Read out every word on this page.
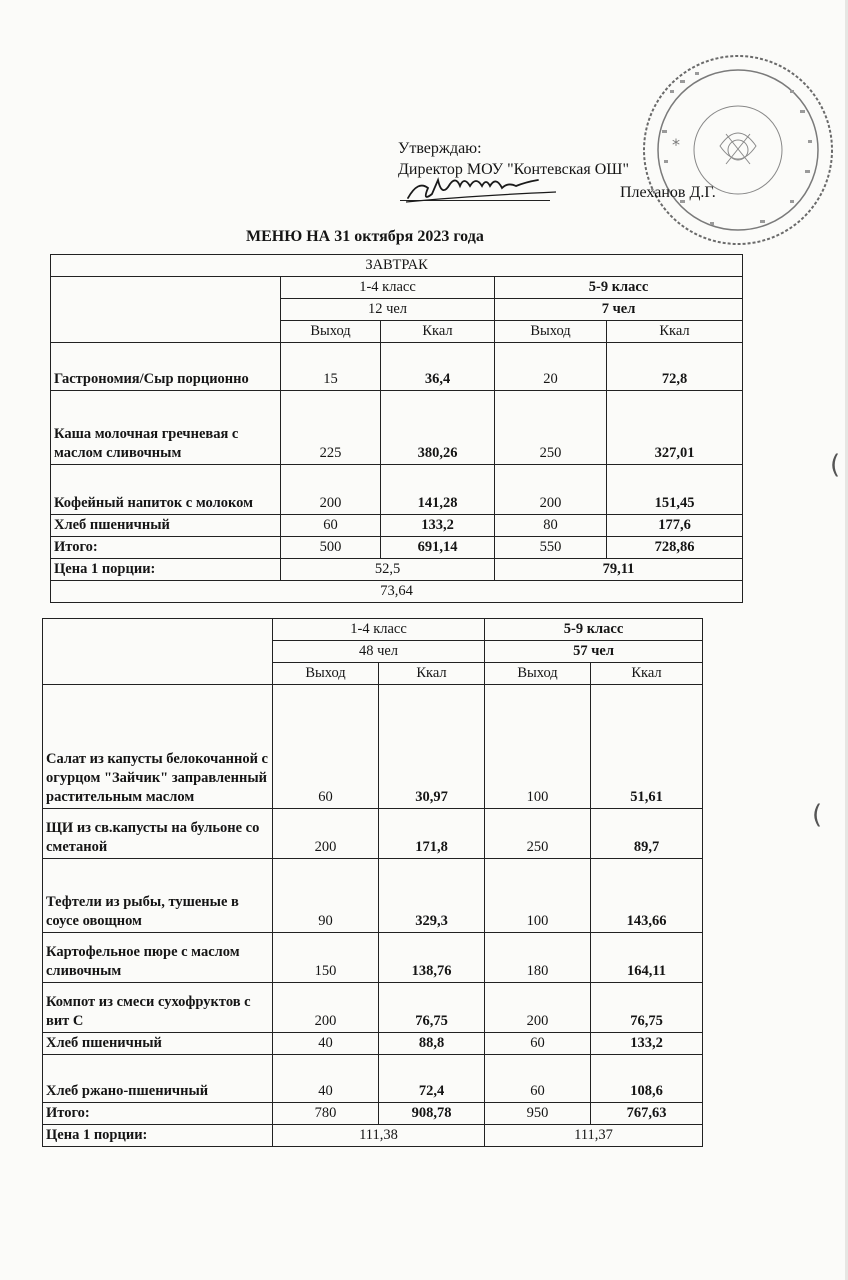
*
Утверждаю:
Директор МОУ "Контевская ОШ"
Плеханов Д.Г.
МЕНЮ НА 31 октября 2023 года
ЗАВТРАК				
	1-4 класс		5-9 класс	
	12 чел		7 чел	
	Выход	Ккал	Выход	Ккал
Гастрономия/Сыр порционно	15	36,4	20	72,8
Каша молочная гречневая с маслом сливочным	225	380,26	250	327,01
Кофейный напиток с молоком	200	141,28	200	151,45
Хлеб пшеничный	60	133,2	80	177,6
Итого:	500	691,14	550	728,86
Цена 1 порции:	52,5		79,11	
73,64				
	1-4 класс		5-9 класс	
	48 чел		57 чел	
	Выход	Ккал	Выход	Ккал
Салат из капусты белокочанной с огурцом "Зайчик" заправленный растительным маслом	60	30,97	100	51,61
ЩИ из св.капусты на бульоне со сметаной	200	171,8	250	89,7
Тефтели из рыбы, тушеные в соусе овощном	90	329,3	100	143,66
Картофельное пюре с маслом сливочным	150	138,76	180	164,11
Компот из смеси сухофруктов с вит С	200	76,75	200	76,75
Хлеб пшеничный	40	88,8	60	133,2
Хлеб ржано-пшеничный	40	72,4	60	108,6
Итого:	780	908,78	950	767,63
Цена 1 порции:	111,38		111,37	
(
(
